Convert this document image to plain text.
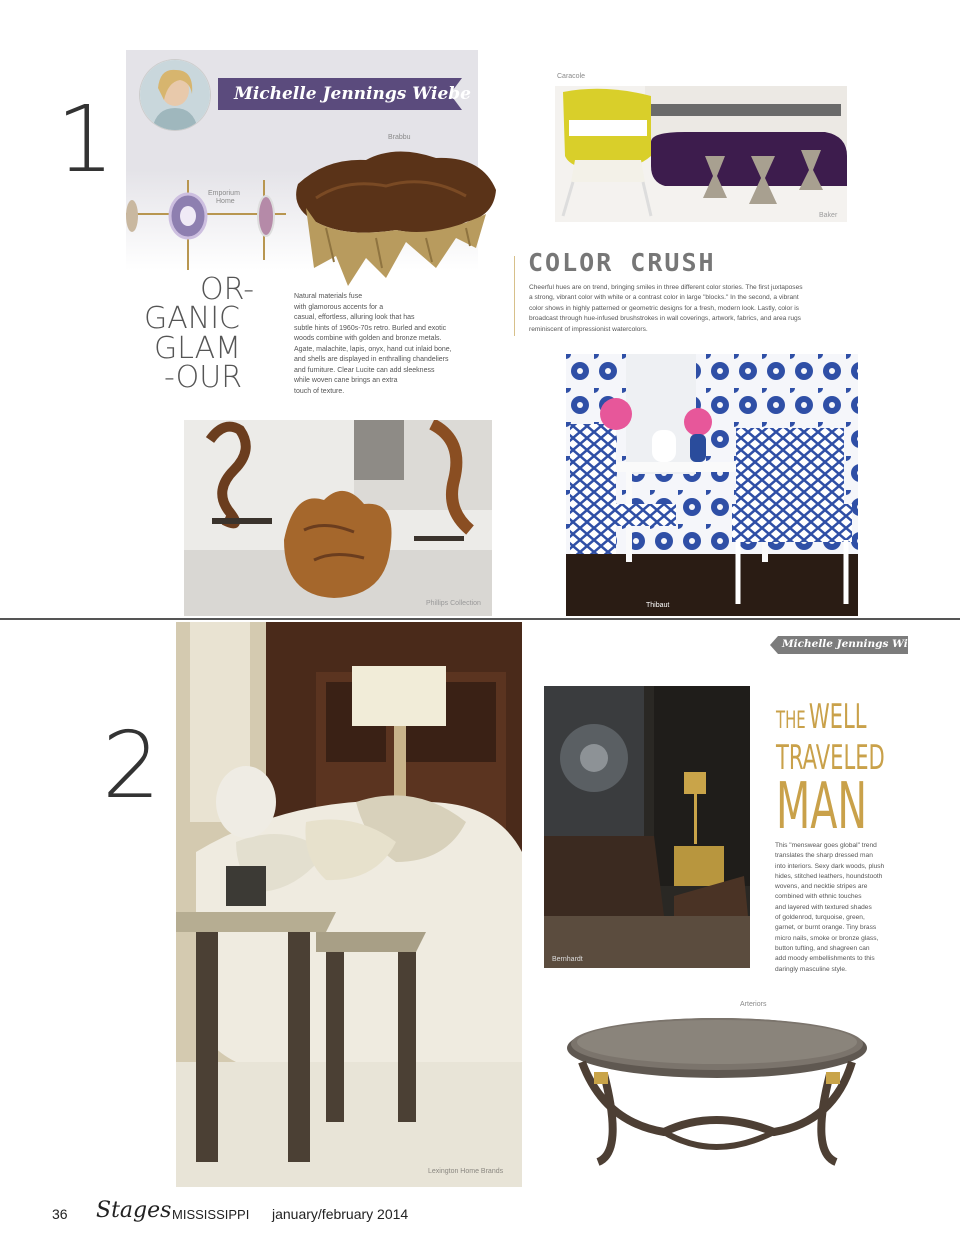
1	Michelle Jennings Wiebe
Emporium
Home
Brabbu
OR-
GANIC
GLAM
-OUR
Natural materials fuse
with glamorous accents for a
casual, effortless, alluring look that has
subtle hints of 1960s-70s retro. Burled and exotic
woods combine with golden and bronze metals.
Agate, malachite, lapis, onyx, hand cut inlaid bone,
and shells are displayed in enthralling chandeliers
and furniture. Clear Lucite can add sleekness
while woven cane brings an extra
touch of texture.
Phillips Collection
Caracole
Baker
COLOR CRUSH
Cheerful hues are on trend, bringing smiles in three different color stories. The first juxtaposes
a strong, vibrant color with white or a contrast color in large "blocks." In the second, a vibrant
color shows in highly patterned or geometric designs for a fresh, modern look. Lastly, color is
broadcast through hue-infused brushstrokes in wall coverings, artwork, fabrics, and area rugs
reminiscent of impressionist watercolors.
Thibaut
2
Lexington Home Brands
Michelle Jennings Wiebe
Bernhardt
THE WELL
TRAVELED
MAN
This "menswear goes global" trend
translates the sharp dressed man
into interiors. Sexy dark woods, plush
hides, stitched leathers, houndstooth
wovens, and necktie stripes are
combined with ethnic touches
and layered with textured shades
of goldenrod, turquoise, green,
garnet, or burnt orange. Tiny brass
micro nails, smoke or bronze glass,
button tufting, and shagreen can
add moody embellishments to this
daringly masculine style.
Arteriors
36 Stages MISSISSIPPI january/february 2014
